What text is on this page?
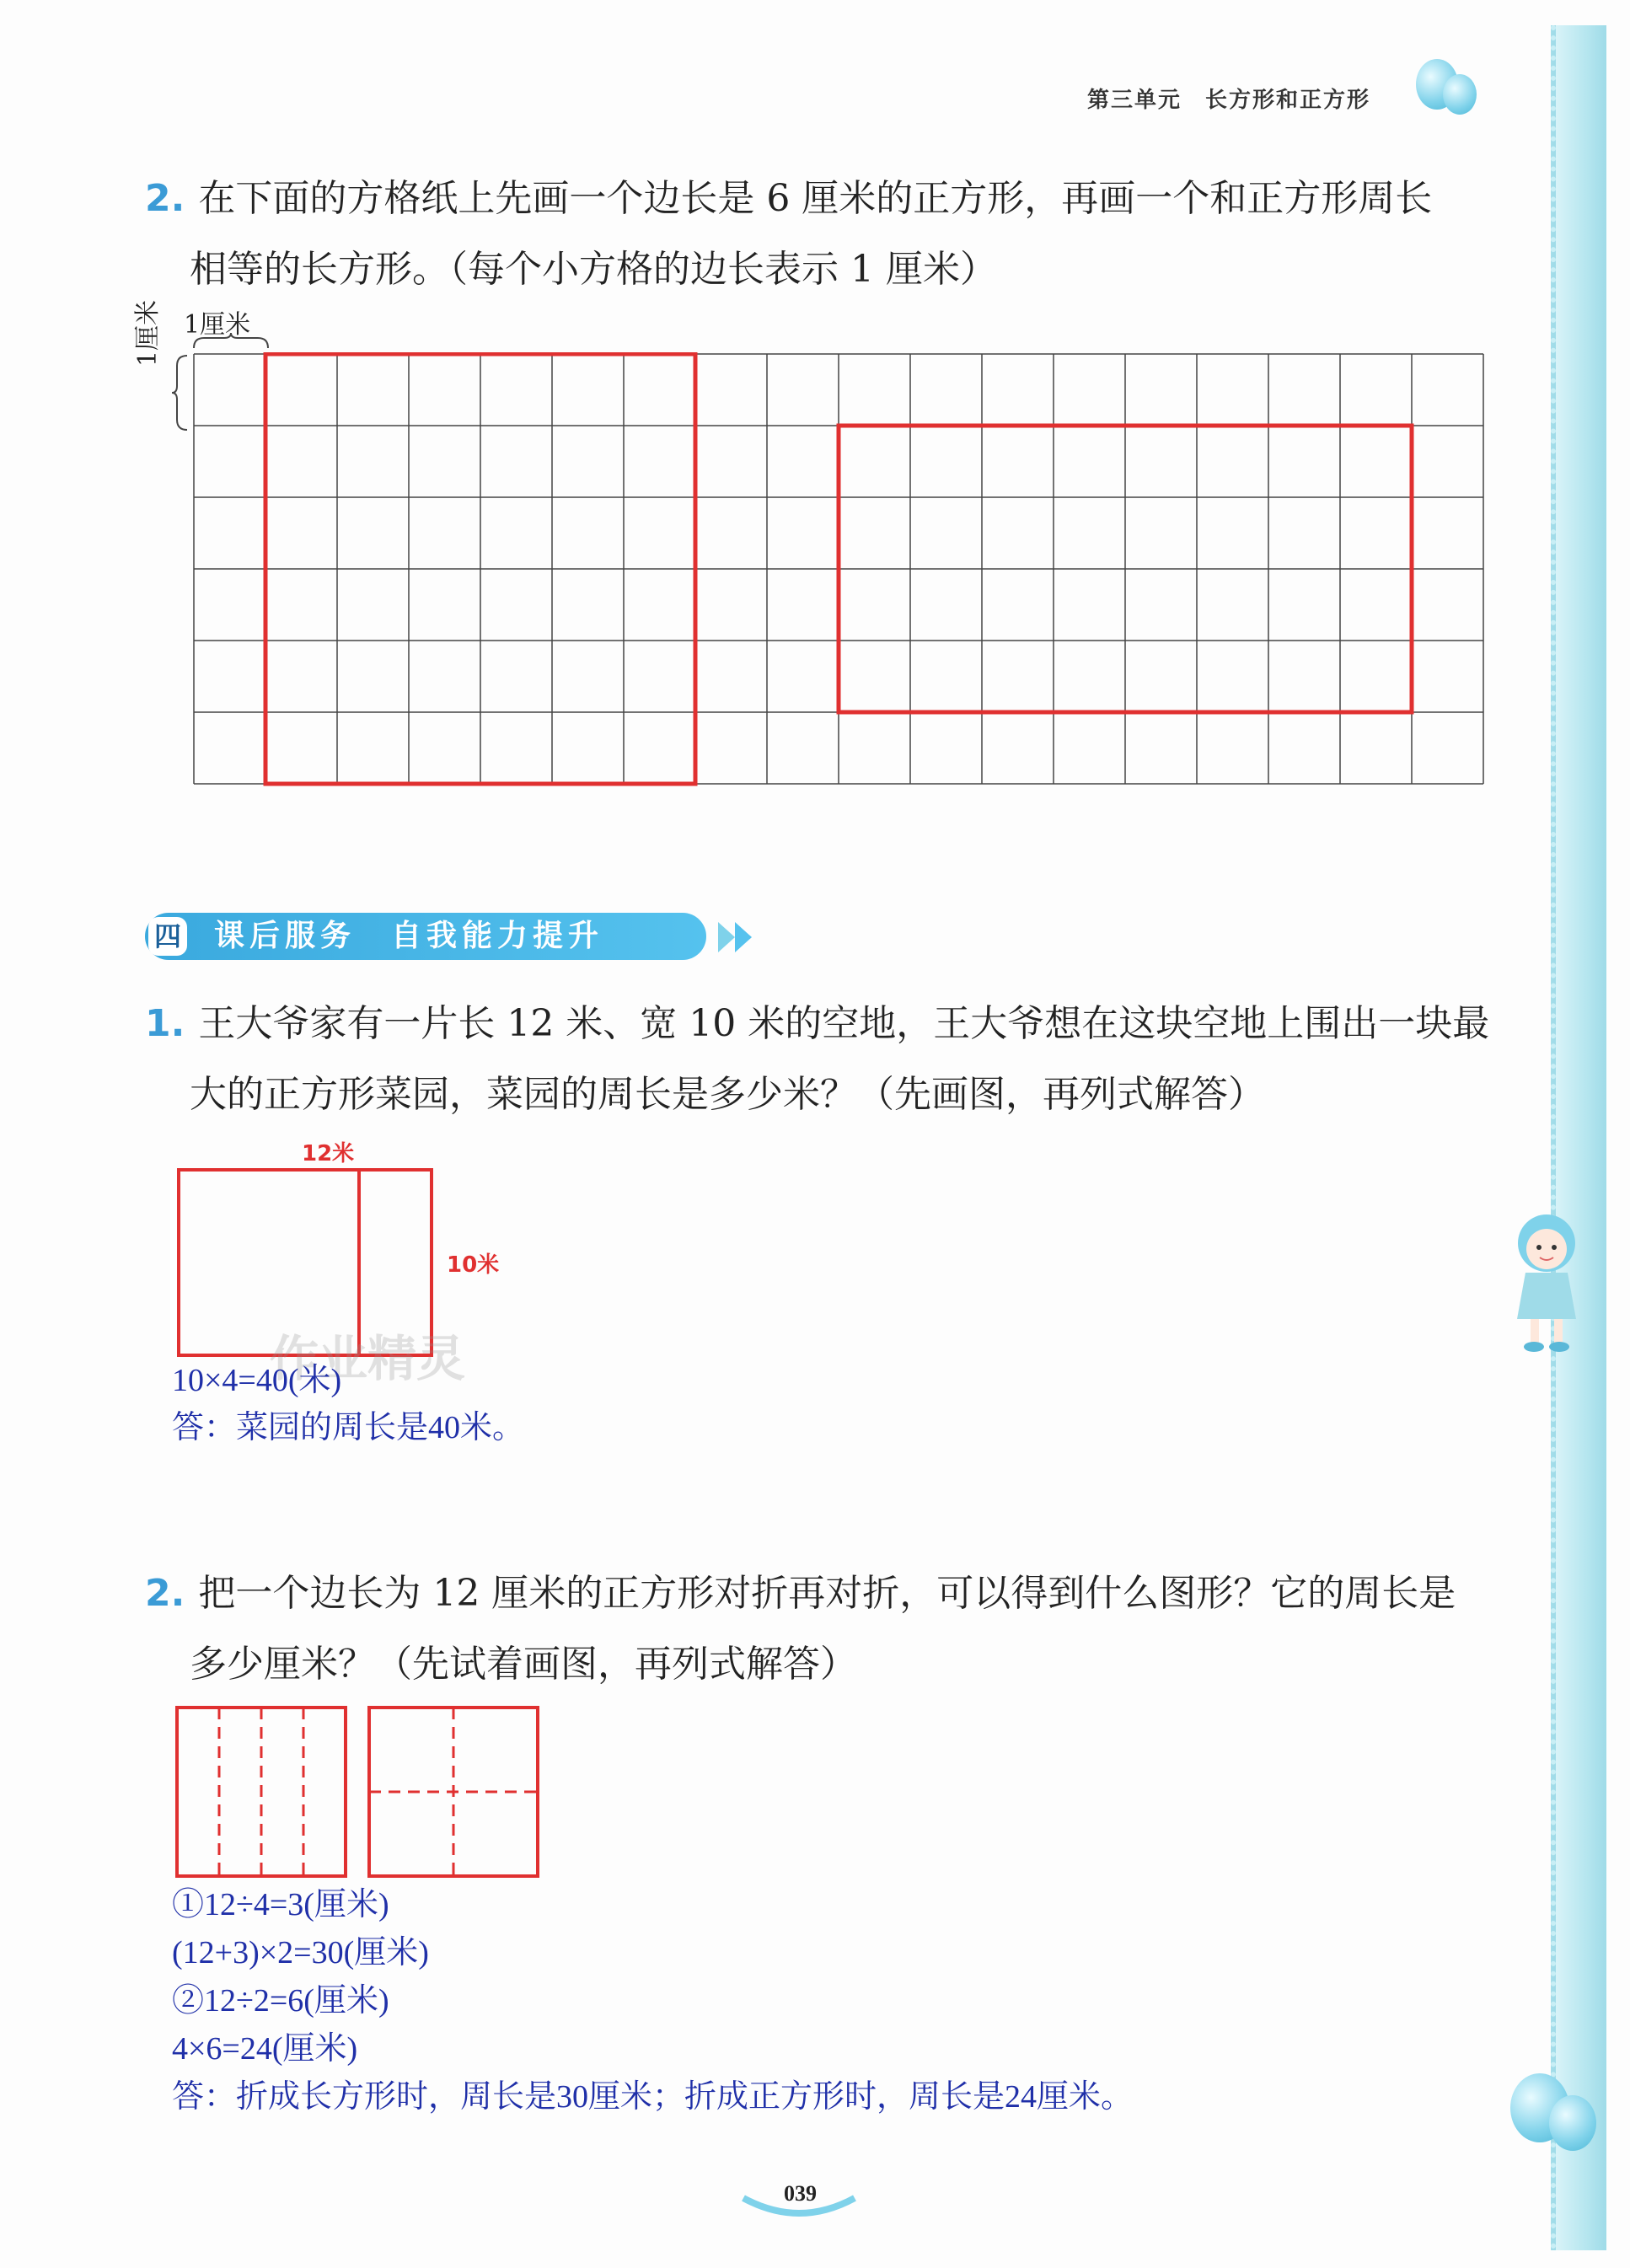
第三单元　长方形和正方形
2. 在下面的方格纸上先画一个边长是 6 厘米的正方形，再画一个和正方形周长
相等的长方形。（每个小方格的边长表示 1 厘米）
1厘米
1厘米
课后服务　自我能力提升
四
1. 王大爷家有一片长 12 米、宽 10 米的空地，王大爷想在这块空地上围出一块最
大的正方形菜园，菜园的周长是多少米？（先画图，再列式解答）
12米
10米
作业精灵
10×4=40(米)
答：菜园的周长是40米。
2. 把一个边长为 12 厘米的正方形对折再对折，可以得到什么图形？它的周长是
多少厘米？（先试着画图，再列式解答）
①12÷4=3(厘米)
(12+3)×2=30(厘米)
②12÷2=6(厘米)
4×6=24(厘米)
答：折成长方形时，周长是30厘米；折成正方形时，周长是24厘米。
039
